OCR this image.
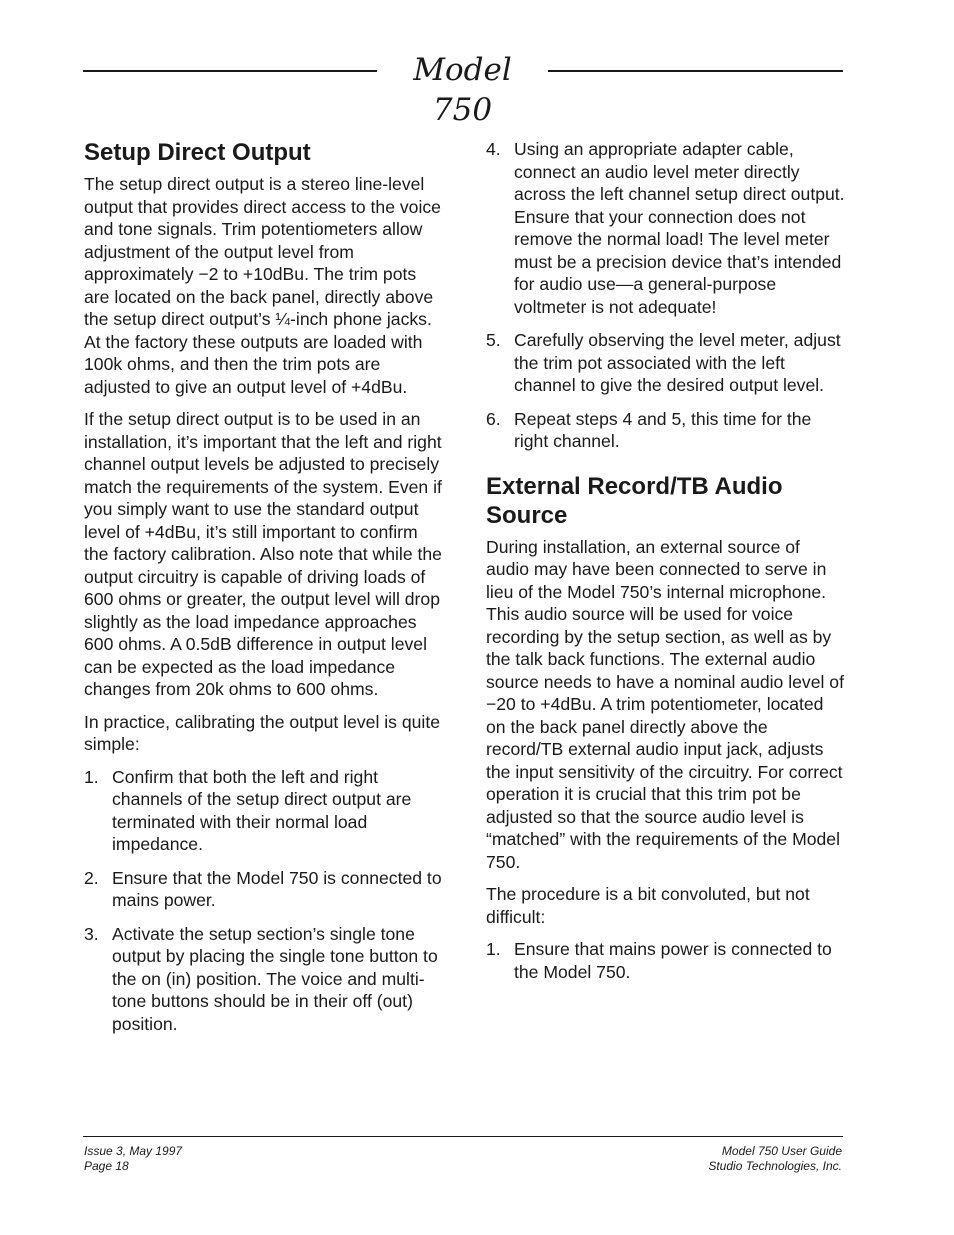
Model 750
Setup Direct Output

The setup direct output is a stereo line-level output that provides direct access to the voice and tone signals. Trim potentiometers allow adjustment of the output level from approximately −2 to +10dBu. The trim pots are located on the back panel, directly above the setup direct output’s ¼-inch phone jacks. At the factory these outputs are loaded with 100k ohms, and then the trim pots are adjusted to give an output level of +4dBu.

If the setup direct output is to be used in an installation, it’s important that the left and right channel output levels be adjusted to precisely match the requirements of the system. Even if you simply want to use the standard output level of +4dBu, it’s still important to confirm the factory calibration. Also note that while the output circuitry is capable of driving loads of 600 ohms or greater, the output level will drop slightly as the load impedance approaches 600 ohms. A 0.5dB difference in output level can be expected as the load impedance changes from 20k ohms to 600 ohms.

In practice, calibrating the output level is quite simple:

1. Confirm that both the left and right channels of the setup direct output are terminated with their normal load impedance.
2. Ensure that the Model 750 is connected to mains power.
3. Activate the setup section’s single tone output by placing the single tone button to the on (in) position. The voice and multi-tone buttons should be in their off (out) position.
4. Using an appropriate adapter cable, connect an audio level meter directly across the left channel setup direct output. Ensure that your connection does not remove the normal load! The level meter must be a precision device that’s intended for audio use—a general-purpose voltmeter is not adequate!
5. Carefully observing the level meter, adjust the trim pot associated with the left channel to give the desired output level.
6. Repeat steps 4 and 5, this time for the right channel.
External Record/TB Audio Source

During installation, an external source of audio may have been connected to serve in lieu of the Model 750’s internal microphone. This audio source will be used for voice recording by the setup section, as well as by the talk back functions. The external audio source needs to have a nominal audio level of −20 to +4dBu. A trim potentiometer, located on the back panel directly above the record/TB external audio input jack, adjusts the input sensitivity of the circuitry. For correct operation it is crucial that this trim pot be adjusted so that the source audio level is “matched” with the requirements of the Model 750.

The procedure is a bit convoluted, but not difficult:

1. Ensure that mains power is connected to the Model 750.
Issue 3, May 1997
Page 18
Model 750 User Guide
Studio Technologies, Inc.
